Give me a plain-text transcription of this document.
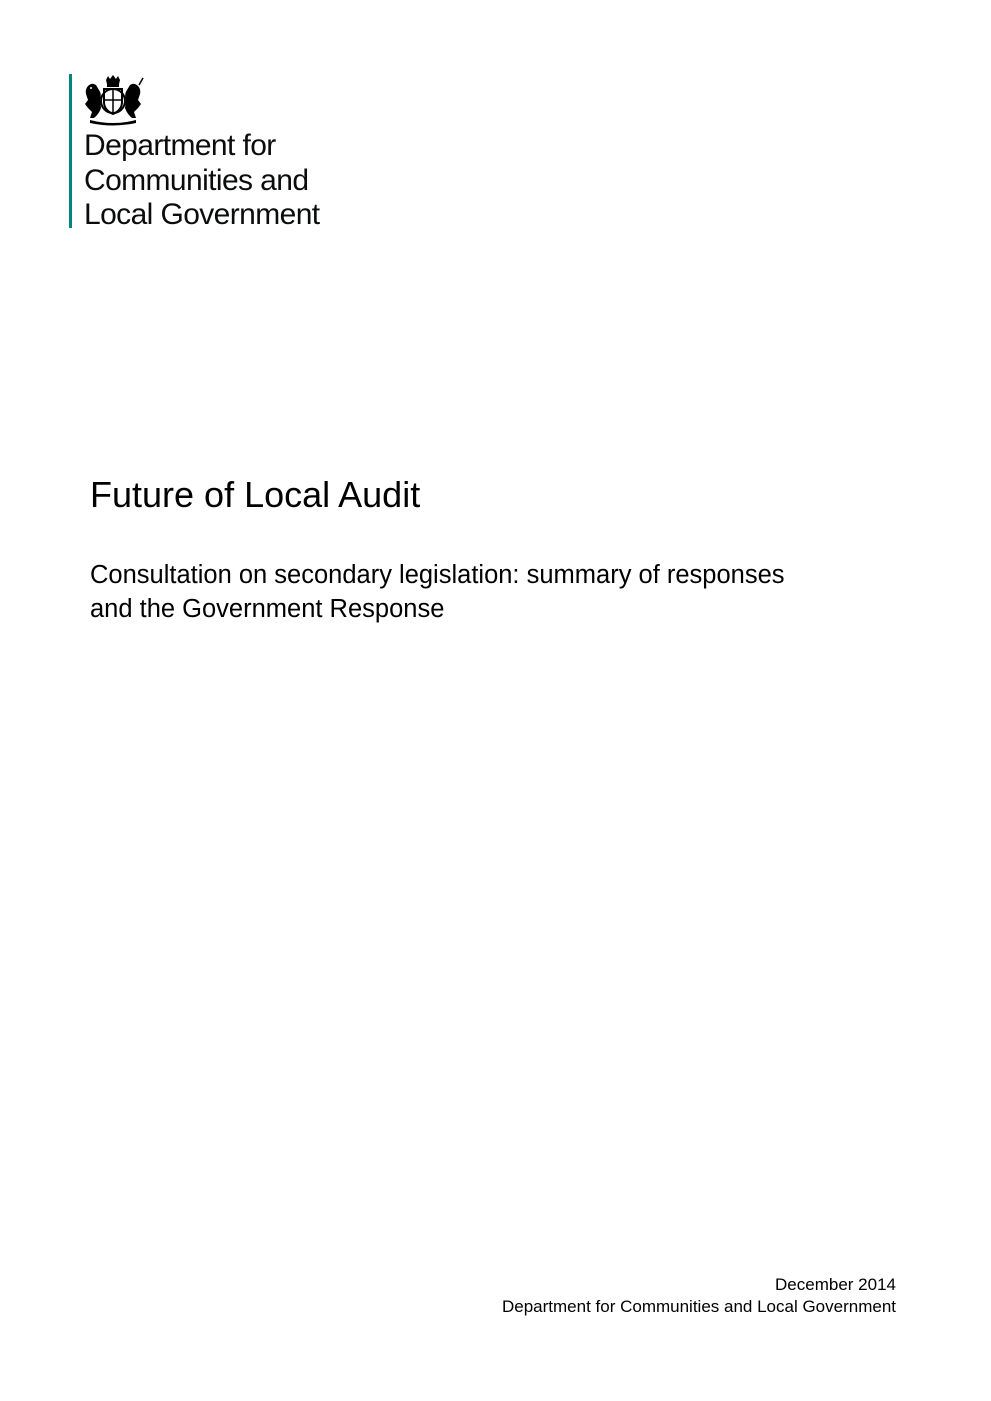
Department for
Communities and
Local Government
Future of Local Audit
Consultation on secondary legislation: summary of responses and the Government Response
December 2014
Department for Communities and Local Government
